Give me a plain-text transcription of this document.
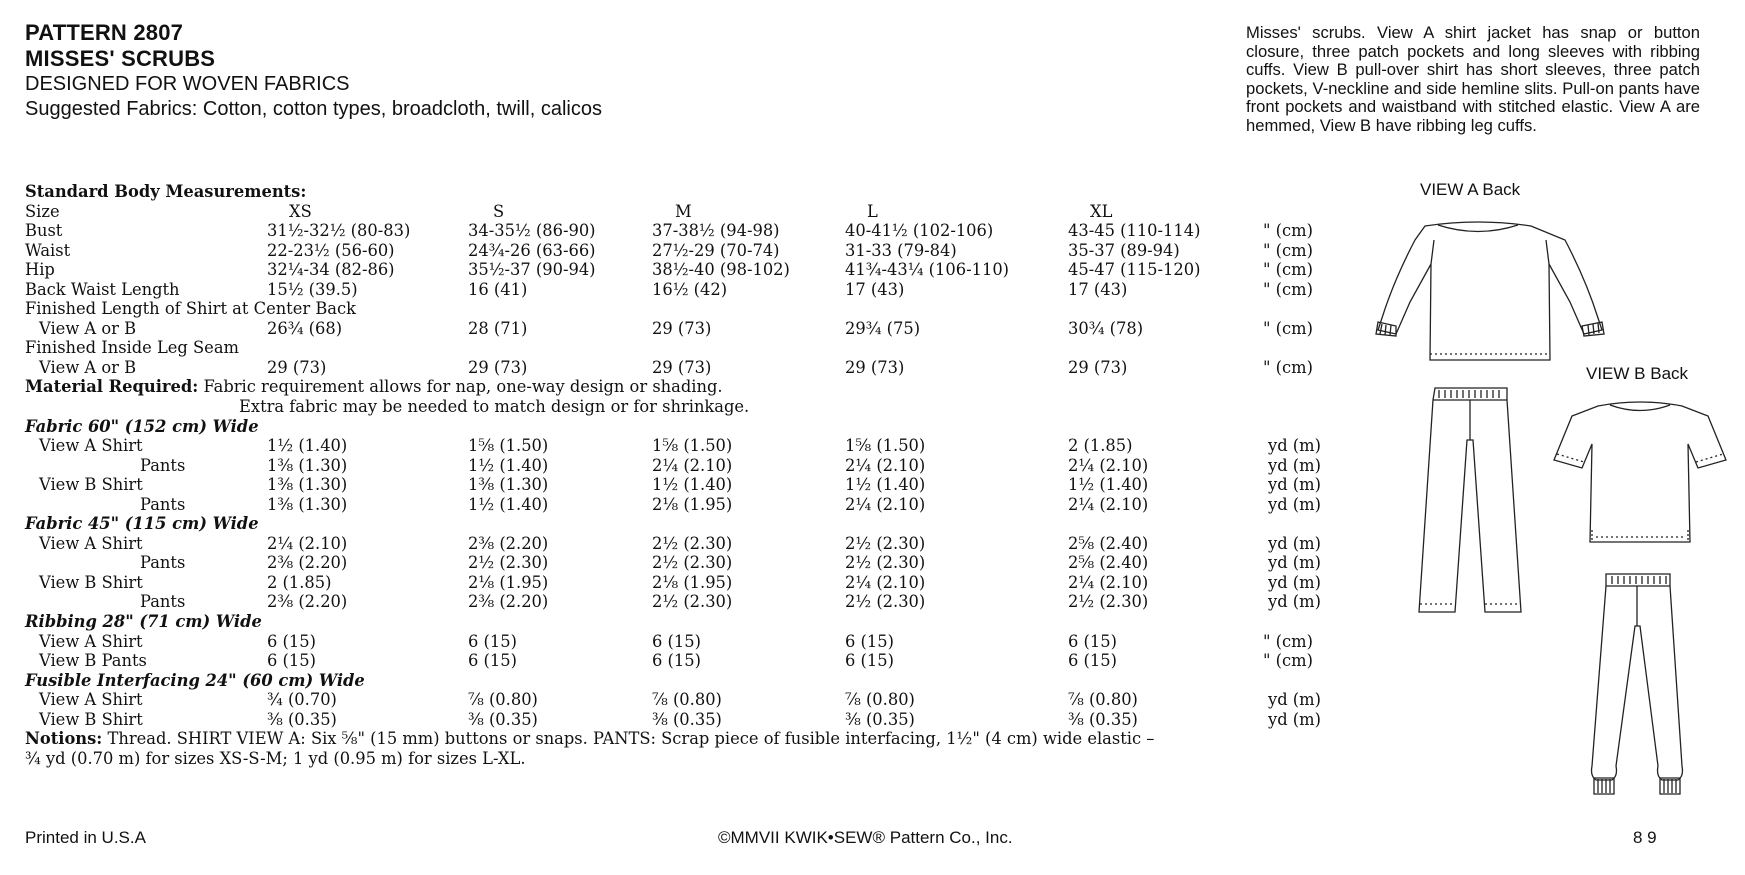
PATTERN 2807
MISSES' SCRUBS
DESIGNED FOR WOVEN FABRICS
Suggested Fabrics: Cotton, cotton types, broadcloth, twill, calicos
Misses' scrubs. View A shirt jacket has snap or button closure, three patch pockets and long sleeves with ribbing cuffs. View B pull-over shirt has short sleeves, three patch pockets, V-neckline and side hemline slits. Pull-on pants have front pockets and waistband with stitched elastic. View A are hemmed, View B have ribbing leg cuffs.
Standard Body Measurements:
Size	XS	S	M	L	XL
Bust	31½-32½ (80-83)	34-35½ (86-90)	37-38½ (94-98)	40-41½ (102-106)	43-45 (110-114)	" (cm)
Waist	22-23½ (56-60)	24¾-26 (63-66)	27½-29 (70-74)	31-33 (79-84)	35-37 (89-94)	" (cm)
Hip	32¼-34 (82-86)	35½-37 (90-94)	38½-40 (98-102)	41¾-43¼ (106-110)	45-47 (115-120)	" (cm)
Back Waist Length	15½ (39.5)	16 (41)	16½ (42)	17 (43)	17 (43)	" (cm)
Finished Length of Shirt at Center Back
View A or B	26¾ (68)	28 (71)	29 (73)	29¾ (75)	30¾ (78)	" (cm)
Finished Inside Leg Seam
View A or B	29 (73)	29 (73)	29 (73)	29 (73)	29 (73)	" (cm)
Material Required: Fabric requirement allows for nap, one-way design or shading.
Extra fabric may be needed to match design or for shrinkage.
Fabric 60" (152 cm) Wide
View A Shirt	1½ (1.40)	1⅝ (1.50)	1⅝ (1.50)	1⅝ (1.50)	2 (1.85)	yd (m)
Pants	1⅜ (1.30)	1½ (1.40)	2¼ (2.10)	2¼ (2.10)	2¼ (2.10)	yd (m)
View B Shirt	1⅜ (1.30)	1⅜ (1.30)	1½ (1.40)	1½ (1.40)	1½ (1.40)	yd (m)
Pants	1⅜ (1.30)	1½ (1.40)	2⅛ (1.95)	2¼ (2.10)	2¼ (2.10)	yd (m)
Fabric 45" (115 cm) Wide
View A Shirt	2¼ (2.10)	2⅜ (2.20)	2½ (2.30)	2½ (2.30)	2⅝ (2.40)	yd (m)
Pants	2⅜ (2.20)	2½ (2.30)	2½ (2.30)	2½ (2.30)	2⅝ (2.40)	yd (m)
View B Shirt	2 (1.85)	2⅛ (1.95)	2⅛ (1.95)	2¼ (2.10)	2¼ (2.10)	yd (m)
Pants	2⅜ (2.20)	2⅜ (2.20)	2½ (2.30)	2½ (2.30)	2½ (2.30)	yd (m)
Ribbing 28" (71 cm) Wide
View A Shirt	6 (15)	6 (15)	6 (15)	6 (15)	6 (15)	" (cm)
View B Pants	6 (15)	6 (15)	6 (15)	6 (15)	6 (15)	" (cm)
Fusible Interfacing 24" (60 cm) Wide
View A Shirt	¾ (0.70)	⅞ (0.80)	⅞ (0.80)	⅞ (0.80)	⅞ (0.80)	yd (m)
View B Shirt	⅜ (0.35)	⅜ (0.35)	⅜ (0.35)	⅜ (0.35)	⅜ (0.35)	yd (m)
Notions: Thread. SHIRT VIEW A: Six ⅝" (15 mm) buttons or snaps. PANTS: Scrap piece of fusible interfacing, 1½" (4 cm) wide elastic –
¾ yd (0.70 m) for sizes XS-S-M; 1 yd (0.95 m) for sizes L-XL.
VIEW A Back
VIEW B Back
Printed in U.S.A	©MMVII KWIK•SEW® Pattern Co., Inc.	8 9
